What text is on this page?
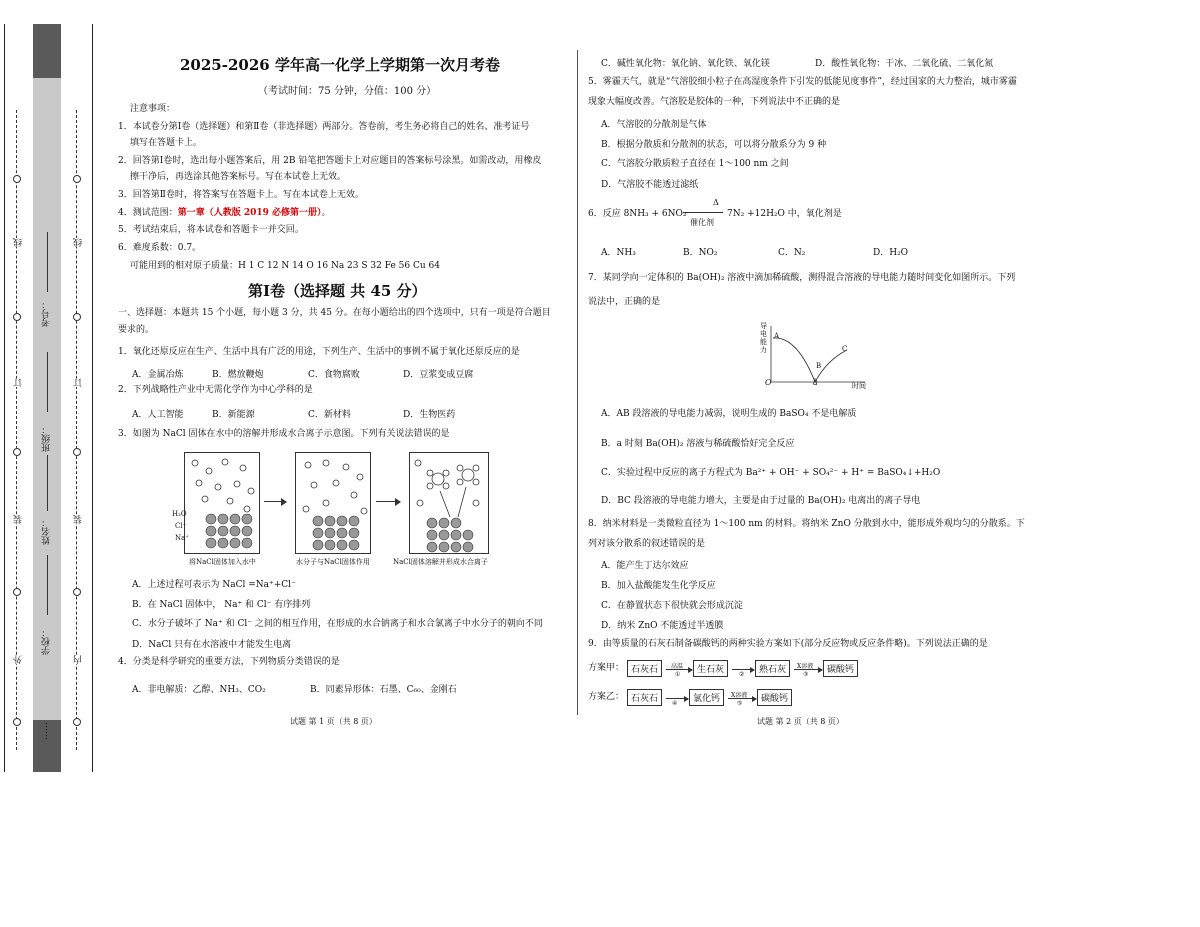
线
订
装
外
线
订
装
内
考号：
班级：
姓名：
学校：
……
2025-2026 学年高一化学上学期第一次月考卷
（考试时间：75 分钟，分值：100 分）
注意事项：
1．本试卷分第Ⅰ卷（选择题）和第Ⅱ卷（非选择题）两部分。答卷前，考生务必将自己的姓名、准考证号
填写在答题卡上。
2．回答第Ⅰ卷时，选出每小题答案后，用 2B 铅笔把答题卡上对应题目的答案标号涂黑。如需改动，用橡皮
擦干净后，再选涂其他答案标号。写在本试卷上无效。
3．回答第Ⅱ卷时，将答案写在答题卡上。写在本试卷上无效。
4．测试范围：第一章（人教版 2019 必修第一册）。
5．考试结束后，将本试卷和答题卡一并交回。
6．难度系数：0.7。
可能用到的相对原子质量：H 1 C 12 N 14 O 16 Na 23 S 32 Fe 56 Cu 64
第Ⅰ卷（选择题 共 45 分）
一、选择题：本题共 15 个小题，每小题 3 分，共 45 分。在每小题给出的四个选项中，只有一项是符合题目
要求的。
1．氧化还原反应在生产、生活中具有广泛的用途，下列生产、生活中的事例不属于氧化还原反应的是
A．金属冶炼	B．燃放鞭炮	C．食物腐败	D．豆浆变成豆腐
2．下列战略性产业中无需化学作为中心学科的是
A．人工智能	B．新能源	C．新材料	D．生物医药
3．如图为 NaCl 固体在水中的溶解并形成水合离子示意图。下列有关说法错误的是
H₂O
Cl⁻
Na⁺
将NaCl固体加入水中	水分子与NaCl固体作用	NaCl固体溶解并形成水合离子
A．上述过程可表示为 NaCl =Na⁺+Cl⁻
B．在 NaCl 固体中， Na⁺ 和 Cl⁻ 有序排列
C．水分子破坏了 Na⁺ 和 Cl⁻ 之间的相互作用，在形成的水合钠离子和水合氯离子中水分子的朝向不同
D．NaCl 只有在水溶液中才能发生电离
4．分类是科学研究的重要方法，下列物质分类错误的是
A．非电解质：乙醇、NH₃、CO₂	B．同素异形体：石墨、C₆₀、金刚石
试题 第 1 页（共 8 页）
C．碱性氧化物：氧化钠、氧化铁、氧化镁	D．酸性氧化物：干冰、二氧化硫、二氧化氮
5．雾霾天气，就是“气溶胶细小粒子在高湿度条件下引发的低能见度事件”，经过国家的大力整治，城市雾霾
现象大幅度改善。气溶胶是胶体的一种，下列说法中不正确的是
A．气溶胶的分散剂是气体
B．根据分散质和分散剂的状态，可以将分散系分为 9 种
C．气溶胶分散质粒子直径在 1～100 nm 之间
D．气溶胶不能透过滤纸
6．反应 8NH₃ + 6NO₂
Δ
催化剂
7N₂ +12H₂O 中，氧化剂是
A．NH₃	B．NO₂	C．N₂	D．H₂O
7．某同学向一定体积的 Ba(OH)₂ 溶液中滴加稀硫酸，测得混合溶液的导电能力随时间变化如图所示。下列
说法中，正确的是
导电能力
时间
O
A
B
C
a
A．AB 段溶液的导电能力减弱，说明生成的 BaSO₄ 不是电解质
B．a 时刻 Ba(OH)₂ 溶液与稀硫酸恰好完全反应
C．实验过程中反应的离子方程式为 Ba²⁺ + OH⁻ + SO₄²⁻ + H⁺ = BaSO₄↓+H₂O
D．BC 段溶液的导电能力增大，主要是由于过量的 Ba(OH)₂ 电离出的离子导电
8．纳米材料是一类微粒直径为 1～100 nm 的材料。将纳米 ZnO 分散到水中，能形成外观均匀的分散系。下
列对该分散系的叙述错误的是
A．能产生丁达尔效应
B．加入盐酸能发生化学反应
C．在静置状态下很快就会形成沉淀
D．纳米 ZnO 不能透过半透膜
9．由等质量的石灰石制备碳酸钙的两种实验方案如下(部分反应物或反应条件略)。下列说法正确的是
方案甲： 石灰石	高温
①	生石灰	②	熟石灰	X溶液
③	碳酸钙
方案乙： 石灰石	④	氯化钙	X溶液
⑤	碳酸钙
试题 第 2 页（共 8 页）
